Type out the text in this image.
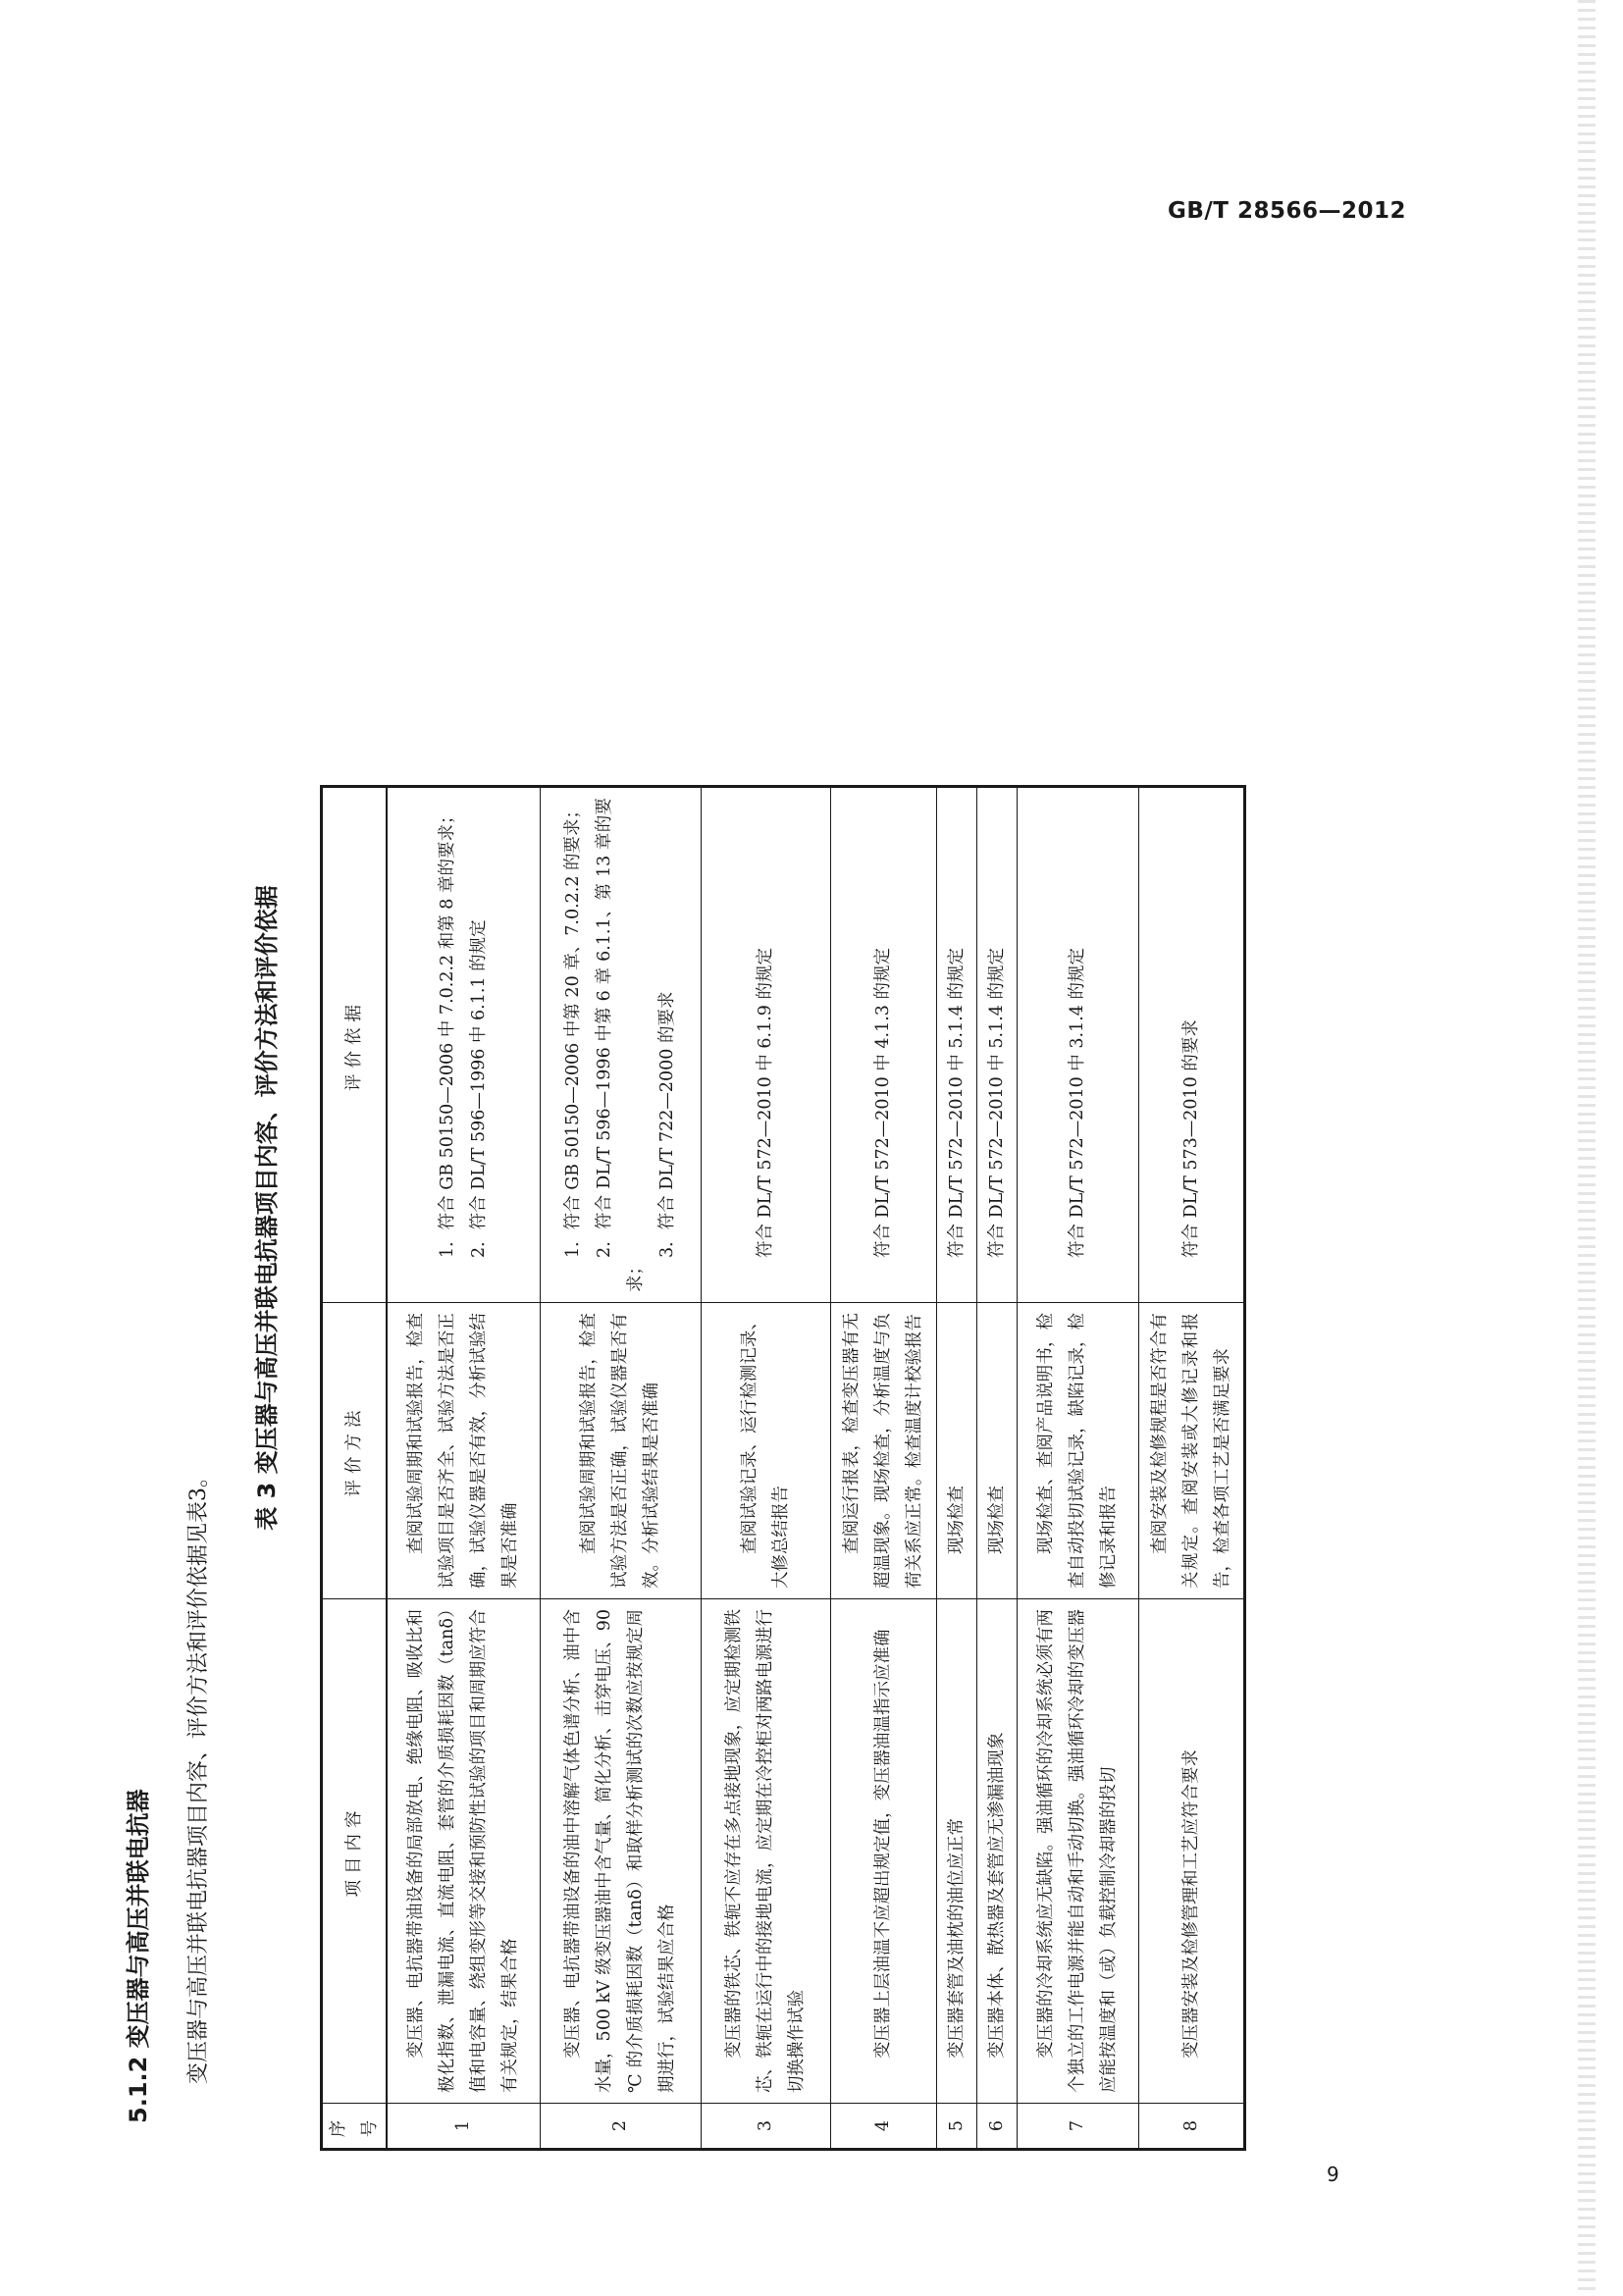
GB/T 28566—2012
5.1.2 变压器与高压并联电抗器 变压器与高压并联电抗器项目内容、评价方法和评价依据见表3。
表 3 变压器与高压并联电抗器项目内容、评价方法和评价依据
序号	项目内容	评价方法	评价依据
1	变压器、电抗器带油设备的局部放电、绝缘电阻、吸收比和极化指数、泄漏电流、直流电阻、套管的介质损耗因数（tanδ）值和电容量、绕组变形等交接和预防性试验的项目和周期应符合有关规定，结果合格	查阅试验周期和试验报告，检查试验项目是否齐全、试验方法是否正确，试验仪器是否有效，分析试验结果是否准确	1．符合 GB 50150—2006 中 7.0.2.2 和第 8 章的要求； 2．符合 DL/T 596—1996 中 6.1.1 的规定

2	变压器、电抗器带油设备的油中溶解气体色谱分析、油中含水量，500 kV 级变压器油中含气量、简化分析、击穿电压、90 ℃ 的介质损耗因数（tanδ）和取样分析测试的次数应按规定周期进行，试验结果应合格	查阅试验周期和试验报告，检查试验方法是否正确，试验仪器是否有效。分析试验结果是否准确	1．符合 GB 50150—2006 中第 20 章、7.0.2.2 的要求； 2．符合 DL/T 596—1996 中第 6 章 6.1.1、第 13 章的要求；

3．符合 DL/T 722—2000 的要求

3	变压器的铁芯、铁轭不应存在多点接地现象，应定期检测铁芯、铁轭在运行中的接地电流，应定期在冷控柜对两路电源进行切换操作试验	查阅试验记录、运行检测记录、大修总结报告	符合 DL/T 572—2010 中 6.1.9 的规定

4	变压器上层油温不应超出规定值，变压器油温指示应准确	查阅运行报表，检查变压器有无超温现象。现场检查，分析温度与负荷关系应正常。检查温度计校验报告	符合 DL/T 572—2010 中 4.1.3 的规定

5	变压器套管及油枕的油位应正常	现场检查	符合 DL/T 572—2010 中 5.1.4 的规定

6	变压器本体、散热器及套管应无渗漏油现象	现场检查	符合 DL/T 572—2010 中 5.1.4 的规定

7	变压器的冷却系统应无缺陷。强油循环的冷却系统必须有两个独立的工作电源并能自动和手动切换。强油循环冷却的变压器应能按温度和（或）负载控制冷却器的投切	现场检查、查阅产品说明书，检查自动投切试验记录，缺陷记录，检修记录和报告	符合 DL/T 572—2010 中 3.1.4 的规定

8	变压器安装及检修管理和工艺应符合要求	查阅安装及检修规程是否符合有关规定。查阅安装或大修记录和报告，检查各项工艺是否满足要求	符合 DL/T 573—2010 的要求

9
